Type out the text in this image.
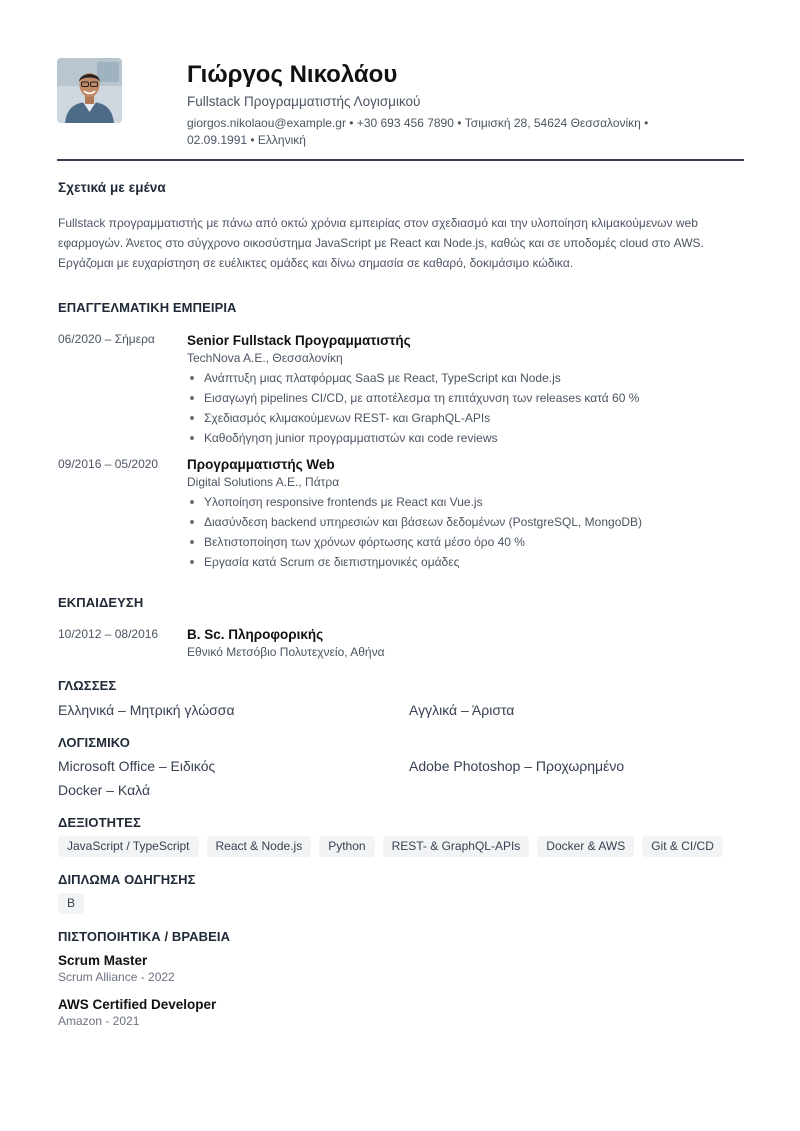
Γιώργος Νικολάου
Fullstack Προγραμματιστής Λογισμικού
giorgos.nikolaou@example.gr • +30 693 456 7890 • Τσιμισκή 28, 54624 Θεσσαλονίκη •
02.09.1991 • Ελληνική
Σχετικά με εμένα
Fullstack προγραμματιστής με πάνω από οκτώ χρόνια εμπειρίας στον σχεδιασμό και την υλοποίηση κλιμακούμενων web εφαρμογών. Άνετος στο σύγχρονο οικοσύστημα JavaScript με React και Node.js, καθώς και σε υποδομές cloud στο AWS. Εργάζομαι με ευχαρίστηση σε ευέλικτες ομάδες και δίνω σημασία σε καθαρό, δοκιμάσιμο κώδικα.
ΕΠΑΓΓΕΛΜΑΤΙΚΗ ΕΜΠΕΙΡΙΑ
06/2020 – Σήμερα	Senior Fullstack Προγραμματιστής
TechNova A.E., Θεσσαλονίκη
Ανάπτυξη μιας πλατφόρμας SaaS με React, TypeScript και Node.js
Εισαγωγή pipelines CI/CD, με αποτέλεσμα τη επιτάχυνση των releases κατά 60 %
Σχεδιασμός κλιμακούμενων REST- και GraphQL-APIs
Καθοδήγηση junior προγραμματιστών και code reviews
09/2016 – 05/2020	Προγραμματιστής Web
Digital Solutions A.E., Πάτρα
Υλοποίηση responsive frontends με React και Vue.js
Διασύνδεση backend υπηρεσιών και βάσεων δεδομένων (PostgreSQL, MongoDB)
Βελτιστοποίηση των χρόνων φόρτωσης κατά μέσο όρο 40 %
Εργασία κατά Scrum σε διεπιστημονικές ομάδες
ΕΚΠΑΙΔΕΥΣΗ
10/2012 – 08/2016	B. Sc. Πληροφορικής
Εθνικό Μετσόβιο Πολυτεχνείο, Αθήνα
ΓΛΩΣΣΕΣ
Ελληνικά – Μητρική γλώσσα	Αγγλικά – Άριστα
ΛΟΓΙΣΜΙΚΟ
Microsoft Office – Ειδικός	Adobe Photoshop – Προχωρημένο
Docker – Καλά
ΔΕΞΙΟΤΗΤΕΣ
JavaScript / TypeScript	React & Node.js	Python	REST- & GraphQL-APIs	Docker & AWS	Git & CI/CD
ΔΙΠΛΩΜΑ ΟΔΗΓΗΣΗΣ
B
ΠΙΣΤΟΠΟΙΗΤΙΚΑ / ΒΡΑΒΕΙΑ
Scrum Master
Scrum Alliance - 2022
AWS Certified Developer
Amazon - 2021
